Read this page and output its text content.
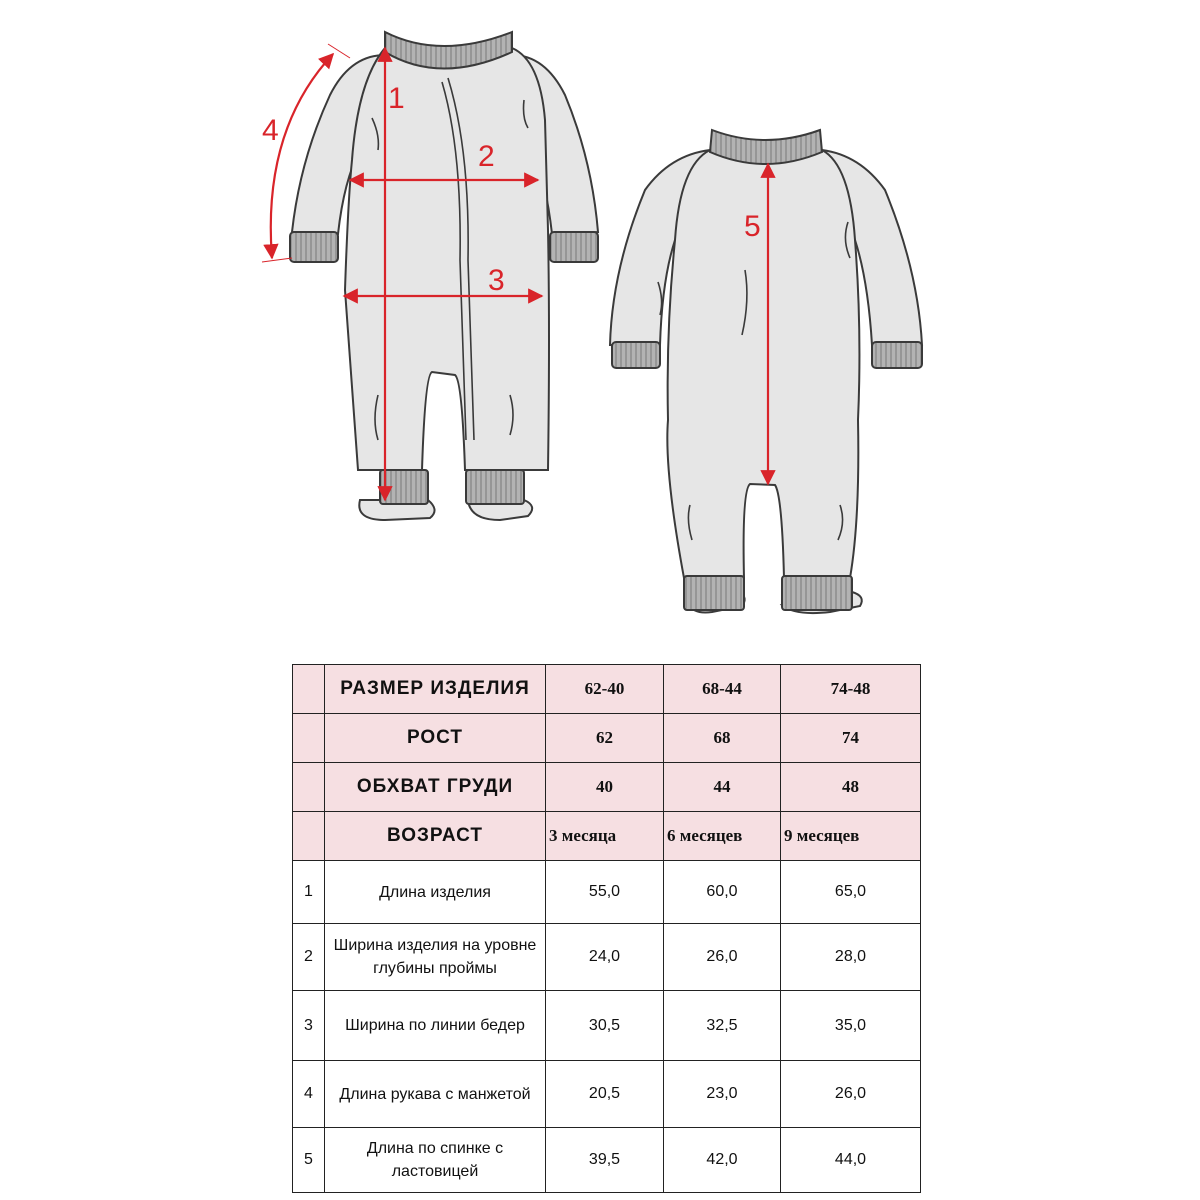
1
2
3
4
5
	РАЗМЕР ИЗДЕЛИЯ	62-40	68-44	74-48
	РОСТ	62	68	74
	ОБХВАТ ГРУДИ	40	44	48
	ВОЗРАСТ	3 месяца	6 месяцев	9 месяцев
1	Длина изделия	55,0	60,0	65,0
2	Ширина изделия на уровне глубины проймы	24,0	26,0	28,0
3	Ширина по линии бедер	30,5	32,5	35,0
4	Длина рукава с манжетой	20,5	23,0	26,0
5	Длина по спинке с ластовицей	39,5	42,0	44,0
